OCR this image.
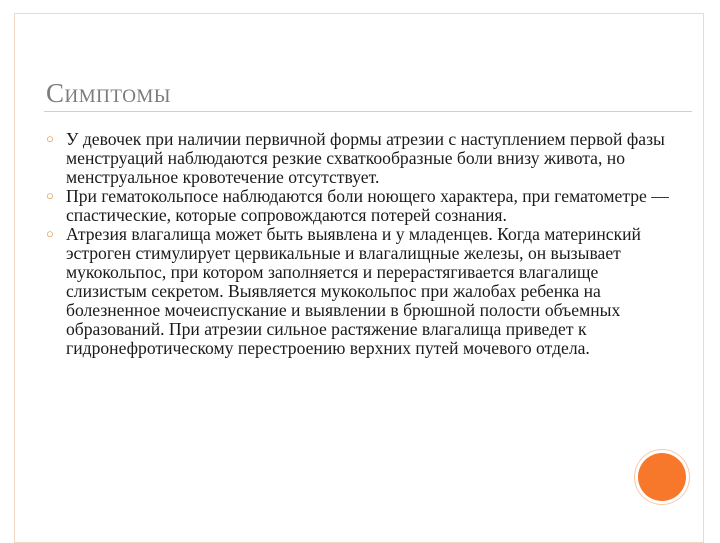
Симптомы
○ У девочек при наличии первичной формы атрезии с наступлением первой фазы менструаций наблюдаются резкие схваткообразные боли внизу живота, но менструальное кровотечение отсутствует.
○ При гематокольпосе наблюдаются боли ноющего характера, при гематометре — спастические, которые сопровождаются потерей сознания.
○ Атрезия влагалища может быть выявлена и у младенцев. Когда материнский эстроген стимулирует цервикальные и влагалищные железы, он вызывает мукокольпос, при котором заполняется и перерастягивается влагалище слизистым секретом. Выявляется мукокольпос при жалобах ребенка на болезненное мочеиспускание и выявлении в брюшной полости объемных образований. При атрезии сильное растяжение влагалища приведет к гидронефротическому перестроению верхних путей мочевого отдела.
